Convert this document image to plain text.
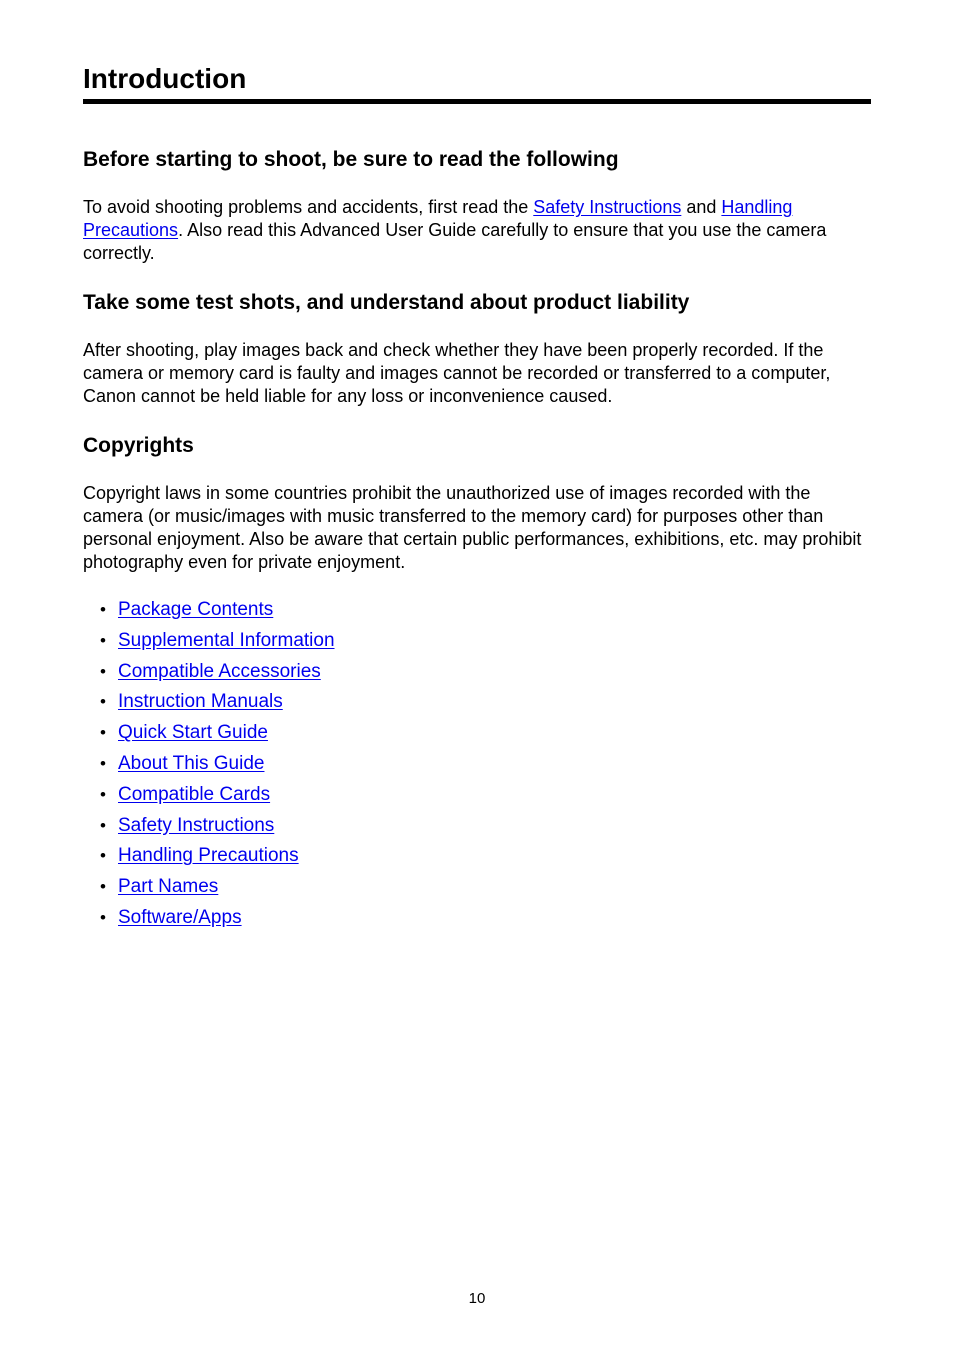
Introduction
Before starting to shoot, be sure to read the following

To avoid shooting problems and accidents, first read the Safety Instructions and Handling Precautions. Also read this Advanced User Guide carefully to ensure that you use the camera correctly.

Take some test shots, and understand about product liability

After shooting, play images back and check whether they have been properly recorded. If the camera or memory card is faulty and images cannot be recorded or transferred to a computer, Canon cannot be held liable for any loss or inconvenience caused.

Copyrights

Copyright laws in some countries prohibit the unauthorized use of images recorded with the camera (or music/images with music transferred to the memory card) for purposes other than personal enjoyment. Also be aware that certain public performances, exhibitions, etc. may prohibit photography even for private enjoyment.

• Package Contents
• Supplemental Information
• Compatible Accessories
• Instruction Manuals
• Quick Start Guide
• About This Guide
• Compatible Cards
• Safety Instructions
• Handling Precautions
• Part Names
• Software/Apps
10
